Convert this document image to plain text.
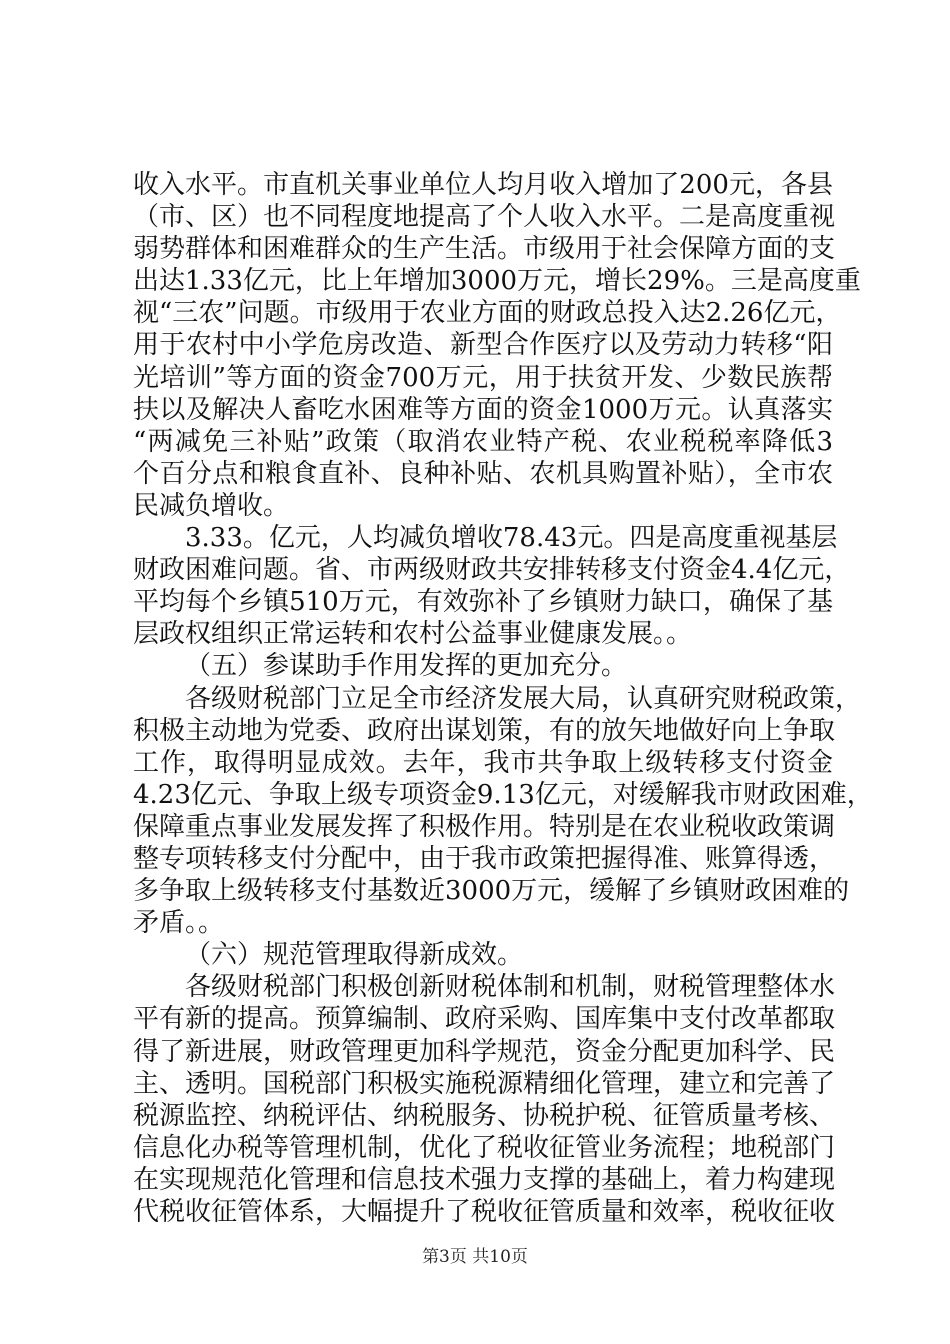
收入水平。市直机关事业单位人均月收入增加了200元，各县
（市、区）也不同程度地提高了个人收入水平。二是高度重视
弱势群体和困难群众的生产生活。市级用于社会保障方面的支
出达1.33亿元，比上年增加3000万元，增长29%。三是高度重
视“三农”问题。市级用于农业方面的财政总投入达2.26亿元，
用于农村中小学危房改造、新型合作医疗以及劳动力转移“阳
光培训”等方面的资金700万元，用于扶贫开发、少数民族帮
扶以及解决人畜吃水困难等方面的资金1000万元。认真落实
“两减免三补贴”政策（取消农业特产税、农业税税率降低3
个百分点和粮食直补、良种补贴、农机具购置补贴），全市农
民减负增收。
3.33。亿元，人均减负增收78.43元。四是高度重视基层
财政困难问题。省、市两级财政共安排转移支付资金4.4亿元，
平均每个乡镇510万元，有效弥补了乡镇财力缺口，确保了基
层政权组织正常运转和农村公益事业健康发展。。
（五）参谋助手作用发挥的更加充分。
各级财税部门立足全市经济发展大局，认真研究财税政策，
积极主动地为党委、政府出谋划策，有的放矢地做好向上争取
工作，取得明显成效。去年，我市共争取上级转移支付资金
4.23亿元、争取上级专项资金9.13亿元，对缓解我市财政困难，
保障重点事业发展发挥了积极作用。特别是在农业税收政策调
整专项转移支付分配中，由于我市政策把握得准、账算得透，
多争取上级转移支付基数近3000万元，缓解了乡镇财政困难的
矛盾。。
（六）规范管理取得新成效。
各级财税部门积极创新财税体制和机制，财税管理整体水
平有新的提高。预算编制、政府采购、国库集中支付改革都取
得了新进展，财政管理更加科学规范，资金分配更加科学、民
主、透明。国税部门积极实施税源精细化管理，建立和完善了
税源监控、纳税评估、纳税服务、协税护税、征管质量考核、
信息化办税等管理机制，优化了税收征管业务流程；地税部门
在实现规范化管理和信息技术强力支撑的基础上，着力构建现
代税收征管体系，大幅提升了税收征管质量和效率，税收征收
第3页 共10页
